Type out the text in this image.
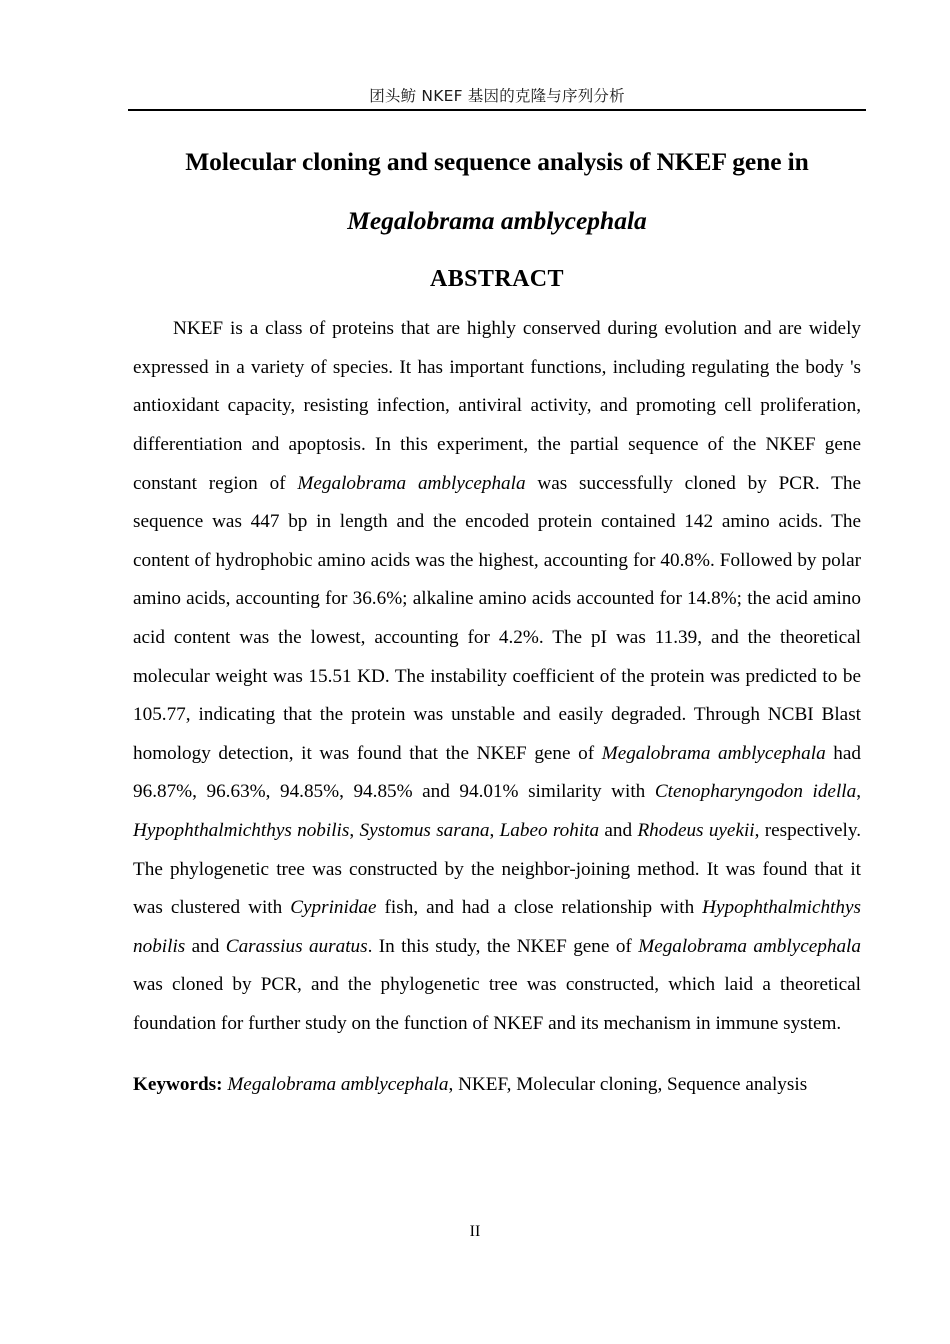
团头鲂 NKEF 基因的克隆与序列分析
Molecular cloning and sequence analysis of NKEF gene in
Megalobrama amblycephala
ABSTRACT

NKEF is a class of proteins that are highly conserved during evolution and are widely expressed in a variety of species. It has important functions, including regulating the body 's antioxidant capacity, resisting infection, antiviral activity, and promoting cell proliferation, differentiation and apoptosis. In this experiment, the partial sequence of the NKEF gene constant region of Megalobrama amblycephala was successfully cloned by PCR. The sequence was 447 bp in length and the encoded protein contained 142 amino acids. The content of hydrophobic amino acids was the highest, accounting for 40.8%. Followed by polar amino acids, accounting for 36.6%; alkaline amino acids accounted for 14.8%; the acid amino acid content was the lowest, accounting for 4.2%. The pI was 11.39, and the theoretical molecular weight was 15.51 KD. The instability coefficient of the protein was predicted to be 105.77, indicating that the protein was unstable and easily degraded. Through NCBI Blast homology detection, it was found that the NKEF gene of Megalobrama amblycephala had 96.87%, 96.63%, 94.85%, 94.85% and 94.01% similarity with Ctenopharyngodon idella, Hypophthalmichthys nobilis, Systomus sarana, Labeo rohita and Rhodeus uyekii, respectively. The phylogenetic tree was constructed by the neighbor-joining method. It was found that it was clustered with Cyprinidae fish, and had a close relationship with Hypophthalmichthys nobilis and Carassius auratus. In this study, the NKEF gene of Megalobrama amblycephala was cloned by PCR, and the phylogenetic tree was constructed, which laid a theoretical foundation for further study on the function of NKEF and its mechanism in immune system.

Keywords: Megalobrama amblycephala, NKEF, Molecular cloning, Sequence analysis
II
